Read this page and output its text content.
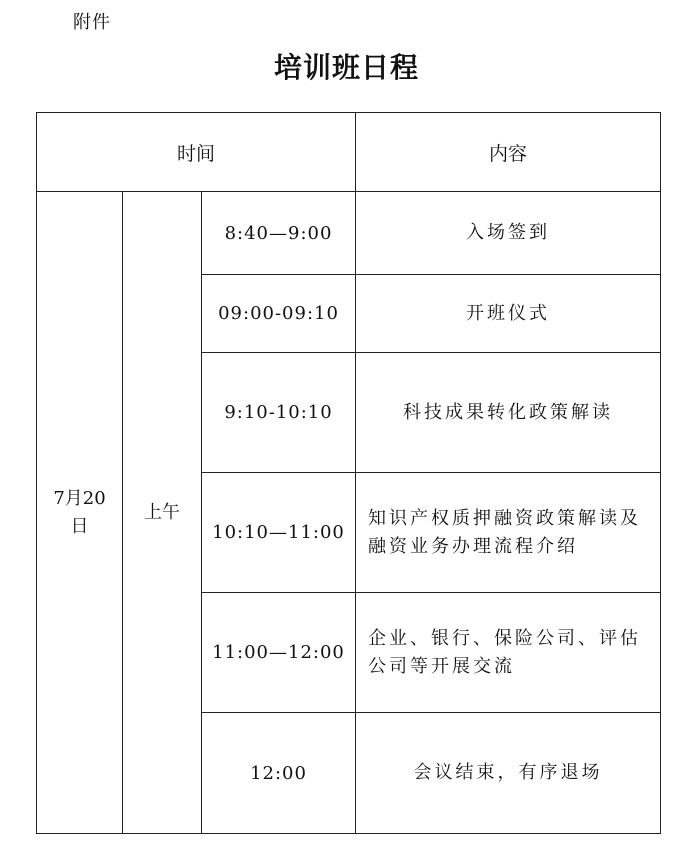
附件
培训班日程
时间			内容

7月20
日	上午	8:40—9:00	入场签到
		09:00-09:10	开班仪式
		9:10-10:10	科技成果转化政策解读
		10:10—11:00	知识产权质押融资政策解读及
融资业务办理流程介绍

		11:00—12:00	企业、银行、保险公司、评估
公司等开展交流

		12:00	会议结束，有序退场
